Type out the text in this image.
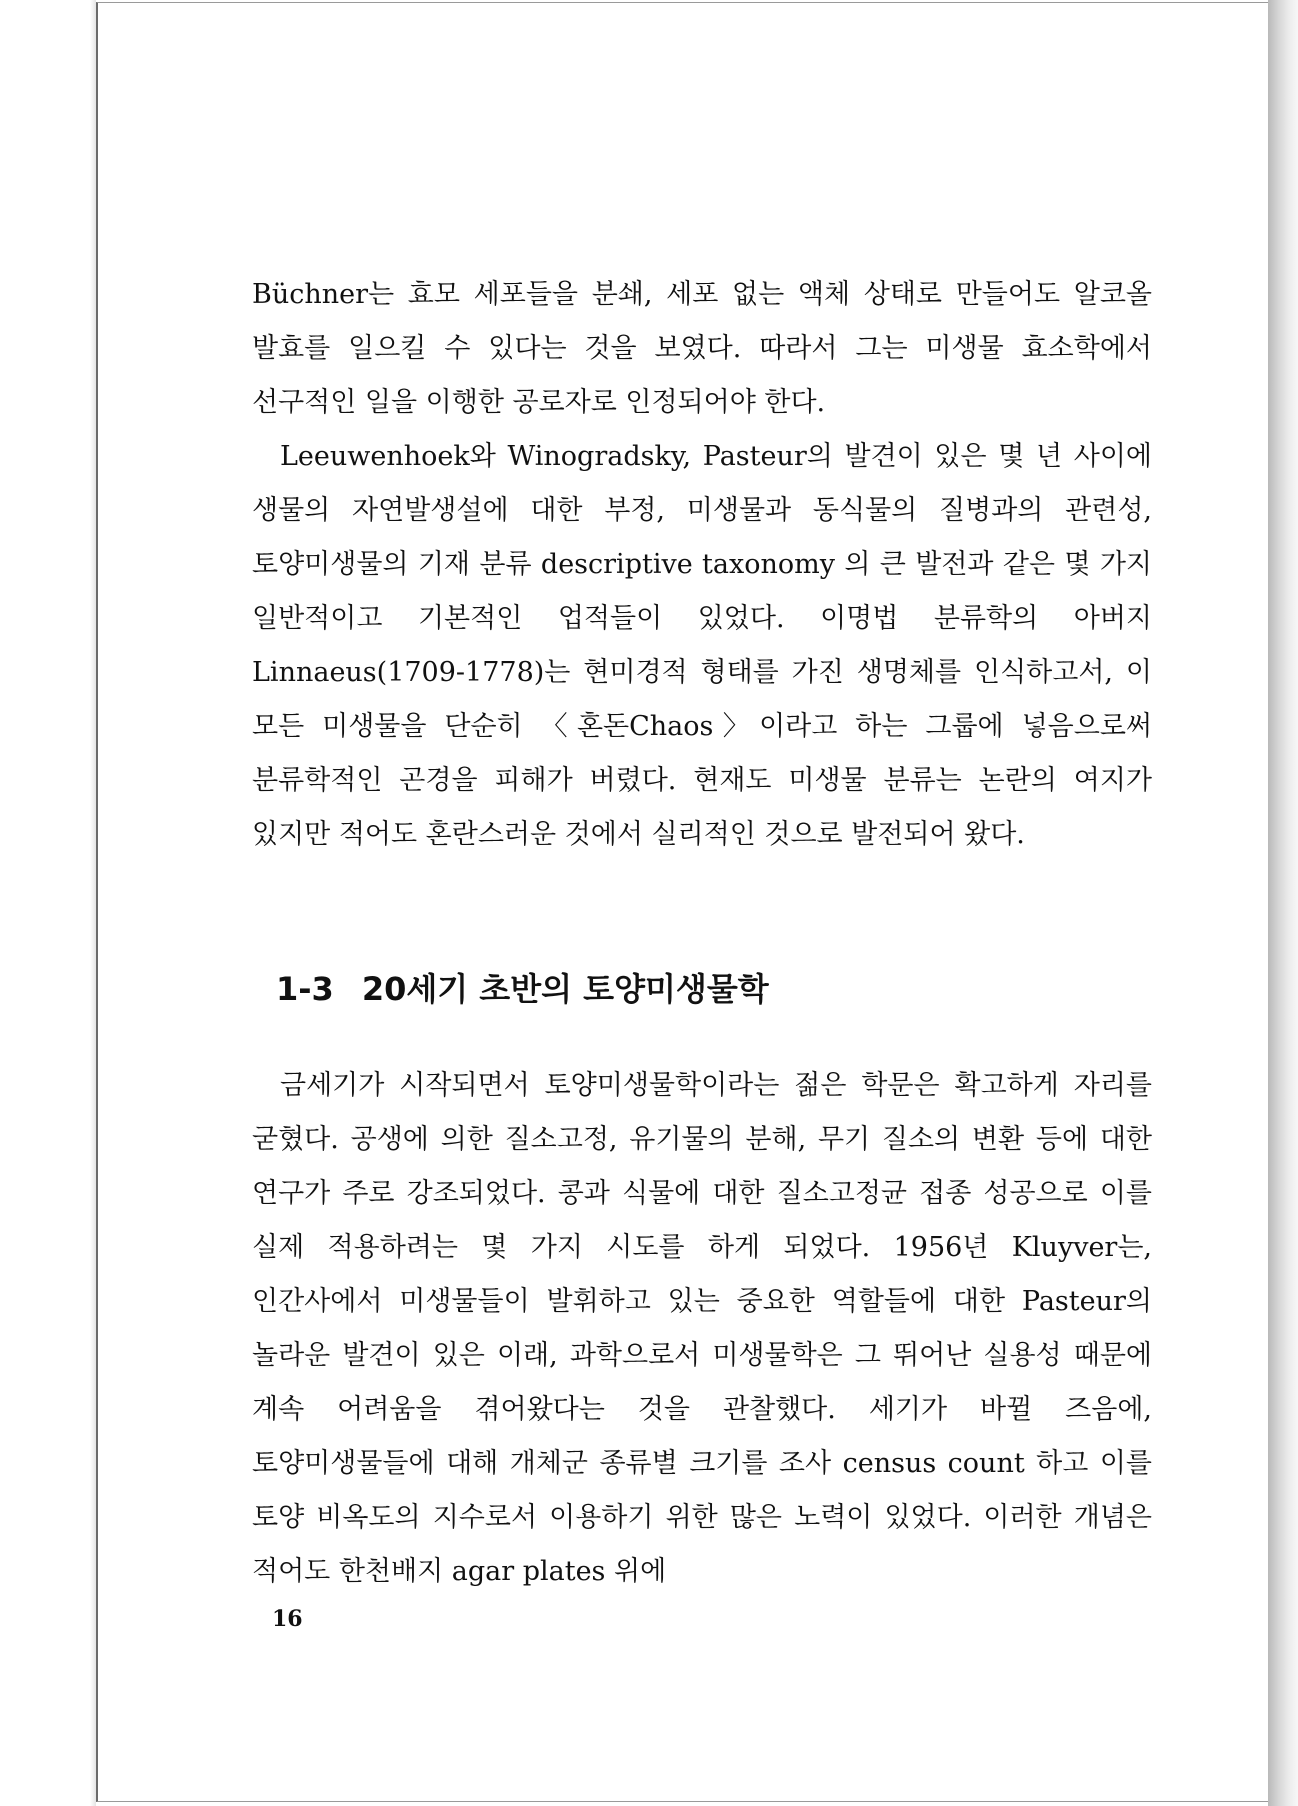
Büchner는 효모 세포들을 분쇄, 세포 없는 액체 상태로 만들어도 알코올 발효를 일으킬 수 있다는 것을 보였다. 따라서 그는 미생물 효소학에서 선구적인 일을 이행한 공로자로 인정되어야 한다.

Leeuwenhoek와 Winogradsky, Pasteur의 발견이 있은 몇 년 사이에 생물의 자연발생설에 대한 부정, 미생물과 동식물의 질병과의 관련성, 토양미생물의 기재 분류 descriptive taxonomy 의 큰 발전과 같은 몇 가지 일반적이고 기본적인 업적들이 있었다. 이명법 분류학의 아버지 Linnaeus(1709-1778)는 현미경적 형태를 가진 생명체를 인식하고서, 이 모든 미생물을 단순히 〈혼돈Chaos〉이라고 하는 그룹에 넣음으로써 분류학적인 곤경을 피해가 버렸다. 현재도 미생물 분류는 논란의 여지가 있지만 적어도 혼란스러운 것에서 실리적인 것으로 발전되어 왔다.

1-3 20세기 초반의 토양미생물학

금세기가 시작되면서 토양미생물학이라는 젊은 학문은 확고하게 자리를 굳혔다. 공생에 의한 질소고정, 유기물의 분해, 무기 질소의 변환 등에 대한 연구가 주로 강조되었다. 콩과 식물에 대한 질소고정균 접종 성공으로 이를 실제 적용하려는 몇 가지 시도를 하게 되었다. 1956년 Kluyver는, 인간사에서 미생물들이 발휘하고 있는 중요한 역할들에 대한 Pasteur의 놀라운 발견이 있은 이래, 과학으로서 미생물학은 그 뛰어난 실용성 때문에 계속 어려움을 겪어왔다는 것을 관찰했다. 세기가 바뀔 즈음에, 토양미생물들에 대해 개체군 종류별 크기를 조사 census count 하고 이를 토양 비옥도의 지수로서 이용하기 위한 많은 노력이 있었다. 이러한 개념은 적어도 한천배지 agar plates 위에

16
